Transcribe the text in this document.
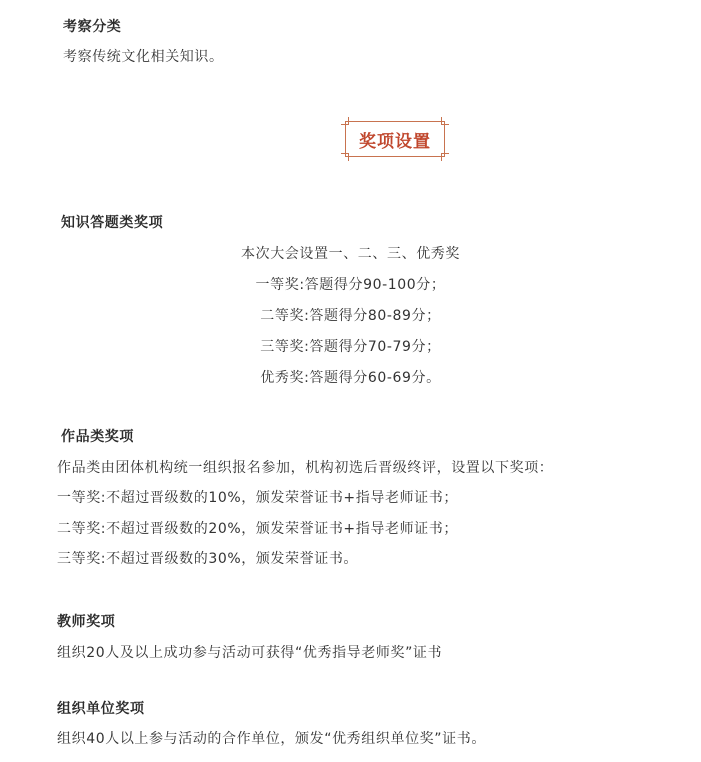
考察分类
考察传统文化相关知识。
奖项设置
知识答题类奖项
本次大会设置一、二、三、优秀奖
一等奖:答题得分90-100分；
二等奖:答题得分80-89分；
三等奖:答题得分70-79分；
优秀奖:答题得分60-69分。
作品类奖项
作品类由团体机构统一组织报名参加，机构初选后晋级终评，设置以下奖项：
一等奖:不超过晋级数的10%，颁发荣誉证书+指导老师证书；
二等奖:不超过晋级数的20%，颁发荣誉证书+指导老师证书；
三等奖:不超过晋级数的30%，颁发荣誉证书。
教师奖项
组织20人及以上成功参与活动可获得“优秀指导老师奖”证书
组织单位奖项
组织40人以上参与活动的合作单位，颁发“优秀组织单位奖”证书。
